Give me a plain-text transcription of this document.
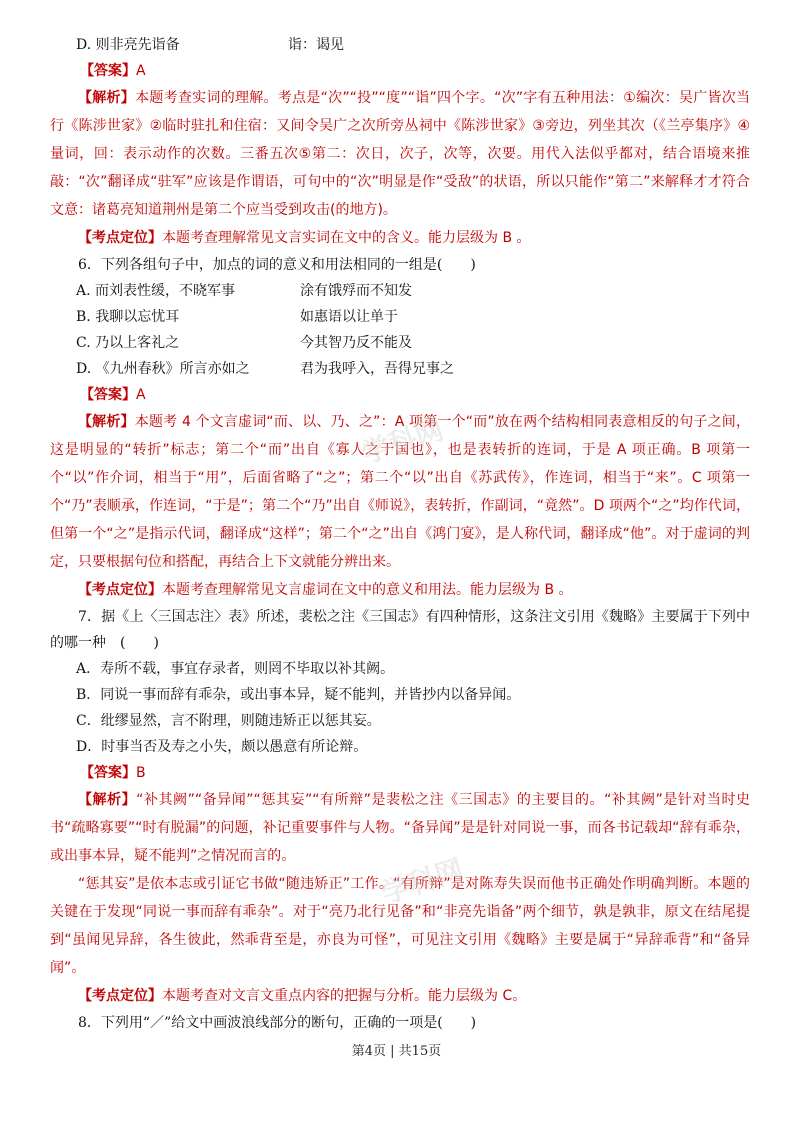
D. 则非亮先诣备	诣：谒见
【答案】A
【解析】本题考查实词的理解。考点是“次”“投”“度”“诣”四个字。“次”字有五种用法：①编次：吴广皆次当行《陈涉世家》②临时驻扎和住宿：又间令吴广之次所旁丛祠中《陈涉世家》③旁边，列坐其次（《兰亭集序》④量词，回：表示动作的次数。三番五次⑤第二：次日，次子，次等，次要。用代入法似乎都对，结合语境来推敲：“次”翻译成“驻军”应该是作谓语，可句中的“次”明显是作“受敌”的状语，所以只能作“第二”来解释才才符合文意：诸葛亮知道荆州是第二个应当受到攻击(的地方)。
【考点定位】本题考查理解常见文言实词在文中的含义。能力层级为 B 。
6．下列各组句子中，加点的词的意义和用法相同的一组是(　　)
A. 而刘表性缓，不晓军事	涂有饿殍而不知发
B. 我聊以忘忧耳	如惠语以让单于
C. 乃以上客礼之	今其智乃反不能及
D. 《九州春秋》所言亦如之	君为我呼入，吾得兄事之
【答案】A
【解析】本题考 4 个文言虚词“而、以、乃、之”：A 项第一个“而”放在两个结构相同表意相反的句子之间，这是明显的“转折”标志；第二个“而”出自《寡人之于国也》，也是表转折的连词，于是 A 项正确。B 项第一个“以”作介词，相当于“用”，后面省略了“之”；第二个“以”出自《苏武传》，作连词，相当于“来”。C 项第一个“乃”表顺承，作连词，“于是”；第二个“乃”出自《师说》，表转折，作副词，“竟然”。D 项两个“之”均作代词，但第一个“之”是指示代词，翻译成“这样”；第二个“之”出自《鸿门宴》，是人称代词，翻译成“他”。对于虚词的判定，只要根据句位和搭配，再结合上下文就能分辨出来。
【考点定位】本题考查理解常见文言虚词在文中的意义和用法。能力层级为 B 。
7．据《上〈三国志注〉表》所述，裴松之注《三国志》有四种情形，这条注文引用《魏略》主要属于下列中的哪一种　(　　)
A．寿所不载，事宜存录者，则罔不毕取以补其阙。
B．同说一事而辞有乖杂，或出事本异，疑不能判，并皆抄内以备异闻。
C．纰缪显然，言不附理，则随违矫正以惩其妄。
D．时事当否及寿之小失，颇以愚意有所论辩。
【答案】B
【解析】“补其阙”“备异闻”“惩其妄”“有所辩”是裴松之注《三国志》的主要目的。“补其阙”是针对当时史书“疏略寡要”“时有脱漏”的问题，补记重要事件与人物。“备异闻”是是针对同说一事，而各书记载却“辞有乖杂，或出事本异，疑不能判”之情况而言的。
“惩其妄”是依本志或引证它书做“随违矫正”工作。“有所辩”是对陈寿失误而他书正确处作明确判断。本题的关键在于发现“同说一事而辞有乖杂”。对于“亮乃北行见备”和“非亮先诣备”两个细节，孰是孰非，原文在结尾提到“虽闻见异辞，各生彼此，然乖背至是，亦良为可怪”，可见注文引用《魏略》主要是属于“异辞乖背”和“备异闻”。
【考点定位】本题考查对文言文重点内容的把握与分析。能力层级为 C。
8．下列用“／”给文中画波浪线部分的断句，正确的一项是(　　)
学科网
学科网
第4页 | 共15页
